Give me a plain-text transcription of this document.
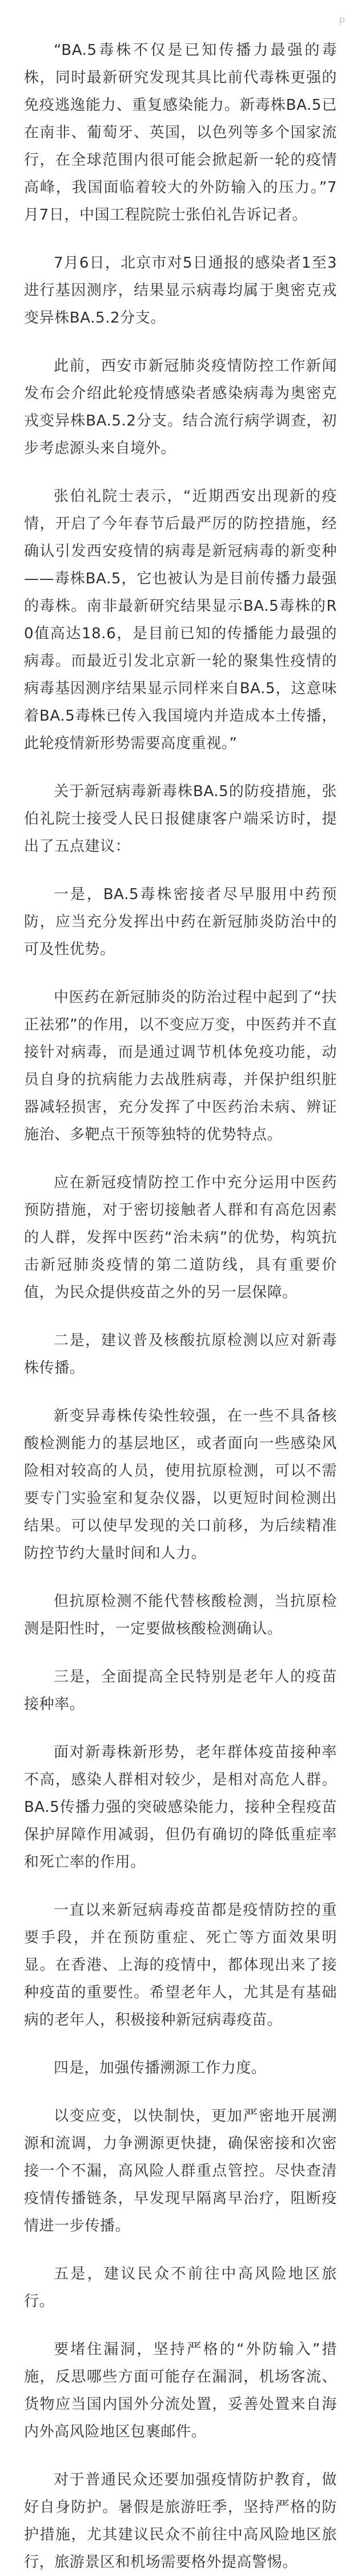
P

“BA.5毒株不仅是已知传播力最强的毒株，同时最新研究发现其具比前代毒株更强的免疫逃逸能力、重复感染能力。新毒株BA.5已在南非、葡萄牙、英国，以色列等多个国家流行，在全球范围内很可能会掀起新一轮的疫情高峰，我国面临着较大的外防输入的压力。”7月7日，中国工程院院士张伯礼告诉记者。

7月6日，北京市对5日通报的感染者1至3进行基因测序，结果显示病毒均属于奥密克戎变异株BA.5.2分支。

此前，西安市新冠肺炎疫情防控工作新闻发布会介绍此轮疫情感染者感染病毒为奥密克戎变异株BA.5.2分支。结合流行病学调查，初步考虑源头来自境外。

张伯礼院士表示，“近期西安出现新的疫情，开启了今年春节后最严厉的防控措施，经确认引发西安疫情的病毒是新冠病毒的新变种——毒株BA.5，它也被认为是目前传播力最强的毒株。南非最新研究结果显示BA.5毒株的R0值高达18.6，是目前已知的传播能力最强的病毒。而最近引发北京新一轮的聚集性疫情的病毒基因测序结果显示同样来自BA.5，这意味着BA.5毒株已传入我国境内并造成本土传播，此轮疫情新形势需要高度重视。”

关于新冠病毒新毒株BA.5的防疫措施，张伯礼院士接受人民日报健康客户端采访时，提出了五点建议：

一是，BA.5毒株密接者尽早服用中药预防，应当充分发挥出中药在新冠肺炎防治中的可及性优势。

中医药在新冠肺炎的防治过程中起到了“扶正祛邪”的作用，以不变应万变，中医药并不直接针对病毒，而是通过调节机体免疫功能，动员自身的抗病能力去战胜病毒，并保护组织脏器减轻损害，充分发挥了中医药治未病、辨证施治、多靶点干预等独特的优势特点。

应在新冠疫情防控工作中充分运用中医药预防措施，对于密切接触者人群和有高危因素的人群，发挥中医药“治未病”的优势，构筑抗击新冠肺炎疫情的第二道防线，具有重要价值，为民众提供疫苗之外的另一层保障。

二是，建议普及核酸抗原检测以应对新毒株传播。

新变异毒株传染性较强，在一些不具备核酸检测能力的基层地区，或者面向一些感染风险相对较高的人员，使用抗原检测，可以不需要专门实验室和复杂仪器，以更短时间检测出结果。可以使早发现的关口前移，为后续精准防控节约大量时间和人力。

但抗原检测不能代替核酸检测，当抗原检测是阳性时，一定要做核酸检测确认。

三是，全面提高全民特别是老年人的疫苗接种率。

面对新毒株新形势，老年群体疫苗接种率不高，感染人群相对较少，是相对高危人群。BA.5传播力强的突破感染能力，接种全程疫苗保护屏障作用减弱，但仍有确切的降低重症率和死亡率的作用。

一直以来新冠病毒疫苗都是疫情防控的重要手段，并在预防重症、死亡等方面效果明显。在香港、上海的疫情中，都体现出来了接种疫苗的重要性。希望老年人，尤其是有基础病的老年人，积极接种新冠病毒疫苗。

四是，加强传播溯源工作力度。

以变应变，以快制快，更加严密地开展溯源和流调，力争溯源更快捷，确保密接和次密接一个不漏，高风险人群重点管控。尽快查清疫情传播链条，早发现早隔离早治疗，阻断疫情进一步传播。

五是，建议民众不前往中高风险地区旅行。

要堵住漏洞，坚持严格的“外防输入”措施，反思哪些方面可能存在漏洞，机场客流、货物应当国内国外分流处置，妥善处置来自海内外高风险地区包裹邮件。

对于普通民众还要加强疫情防护教育，做好自身防护。暑假是旅游旺季，坚持严格的防护措施，尤其建议民众不前往中高风险地区旅行，旅游景区和机场需要格外提高警惕。
